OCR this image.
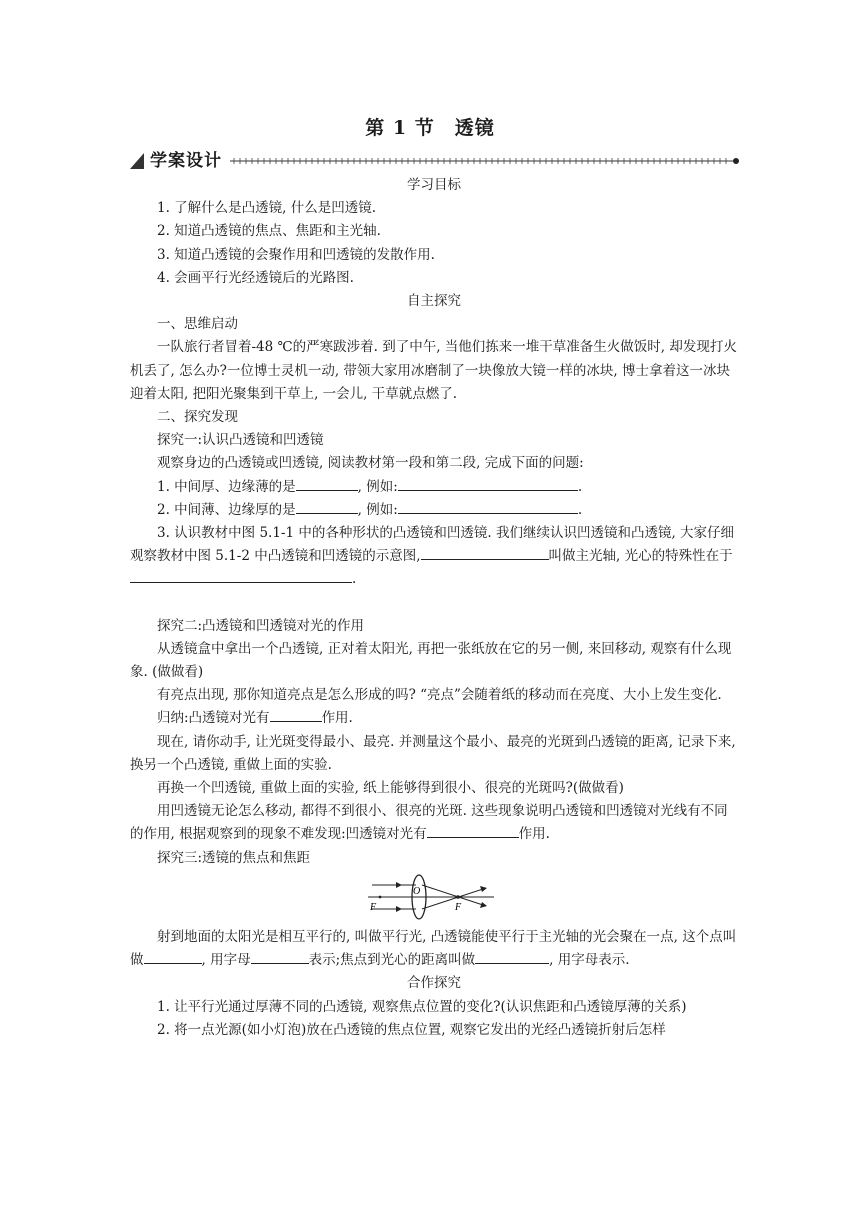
第 1 节　透镜
学案设计

学习目标

1. 了解什么是凸透镜, 什么是凹透镜.

2. 知道凸透镜的焦点、焦距和主光轴.

3. 知道凸透镜的会聚作用和凹透镜的发散作用.

4. 会画平行光经透镜后的光路图.

自主探究

一、思维启动

一队旅行者冒着-48 ℃的严寒跋涉着. 到了中午, 当他们拣来一堆干草准备生火做饭时, 却发现打火机丢了, 怎么办?一位博士灵机一动, 带领大家用冰磨制了一块像放大镜一样的冰块, 博士拿着这一冰块迎着太阳, 把阳光聚集到干草上, 一会儿, 干草就点燃了.

二、探究发现

探究一:认识凸透镜和凹透镜

观察身边的凸透镜或凹透镜, 阅读教材第一段和第二段, 完成下面的问题:

1. 中间厚、边缘薄的是	, 例如:	.

2. 中间薄、边缘厚的是	, 例如:	.

3. 认识教材中图 5.1-1 中的各种形状的凸透镜和凹透镜. 我们继续认识凹透镜和凸透镜, 大家仔细观察教材中图 5.1-2 中凸透镜和凹透镜的示意图,	叫做主光轴, 光心的特殊性在于.

探究二:凸透镜和凹透镜对光的作用

从透镜盒中拿出一个凸透镜, 正对着太阳光, 再把一张纸放在它的另一侧, 来回移动, 观察有什么现象. (做做看)

有亮点出现, 那你知道亮点是怎么形成的吗? “亮点”会随着纸的移动而在亮度、大小上发生变化.

归纳:凸透镜对光有	作用.

现在, 请你动手, 让光斑变得最小、最亮. 并测量这个最小、最亮的光斑到凸透镜的距离, 记录下来, 换另一个凸透镜, 重做上面的实验.

再换一个凹透镜, 重做上面的实验, 纸上能够得到很小、很亮的光斑吗?(做做看)

用凹透镜无论怎么移动, 都得不到很小、很亮的光斑. 这些现象说明凸透镜和凹透镜对光线有不同的作用, 根据观察到的现象不难发现:凹透镜对光有	作用.

探究三:透镜的焦点和焦距

F
O
F

射到地面的太阳光是相互平行的, 叫做平行光, 凸透镜能使平行于主光轴的光会聚在一点, 这个点叫做	, 用字母	表示;焦点到光心的距离叫做	, 用字母表示.

合作探究

1. 让平行光通过厚薄不同的凸透镜, 观察焦点位置的变化?(认识焦距和凸透镜厚薄的关系)

2. 将一点光源(如小灯泡)放在凸透镜的焦点位置, 观察它发出的光经凸透镜折射后怎样
